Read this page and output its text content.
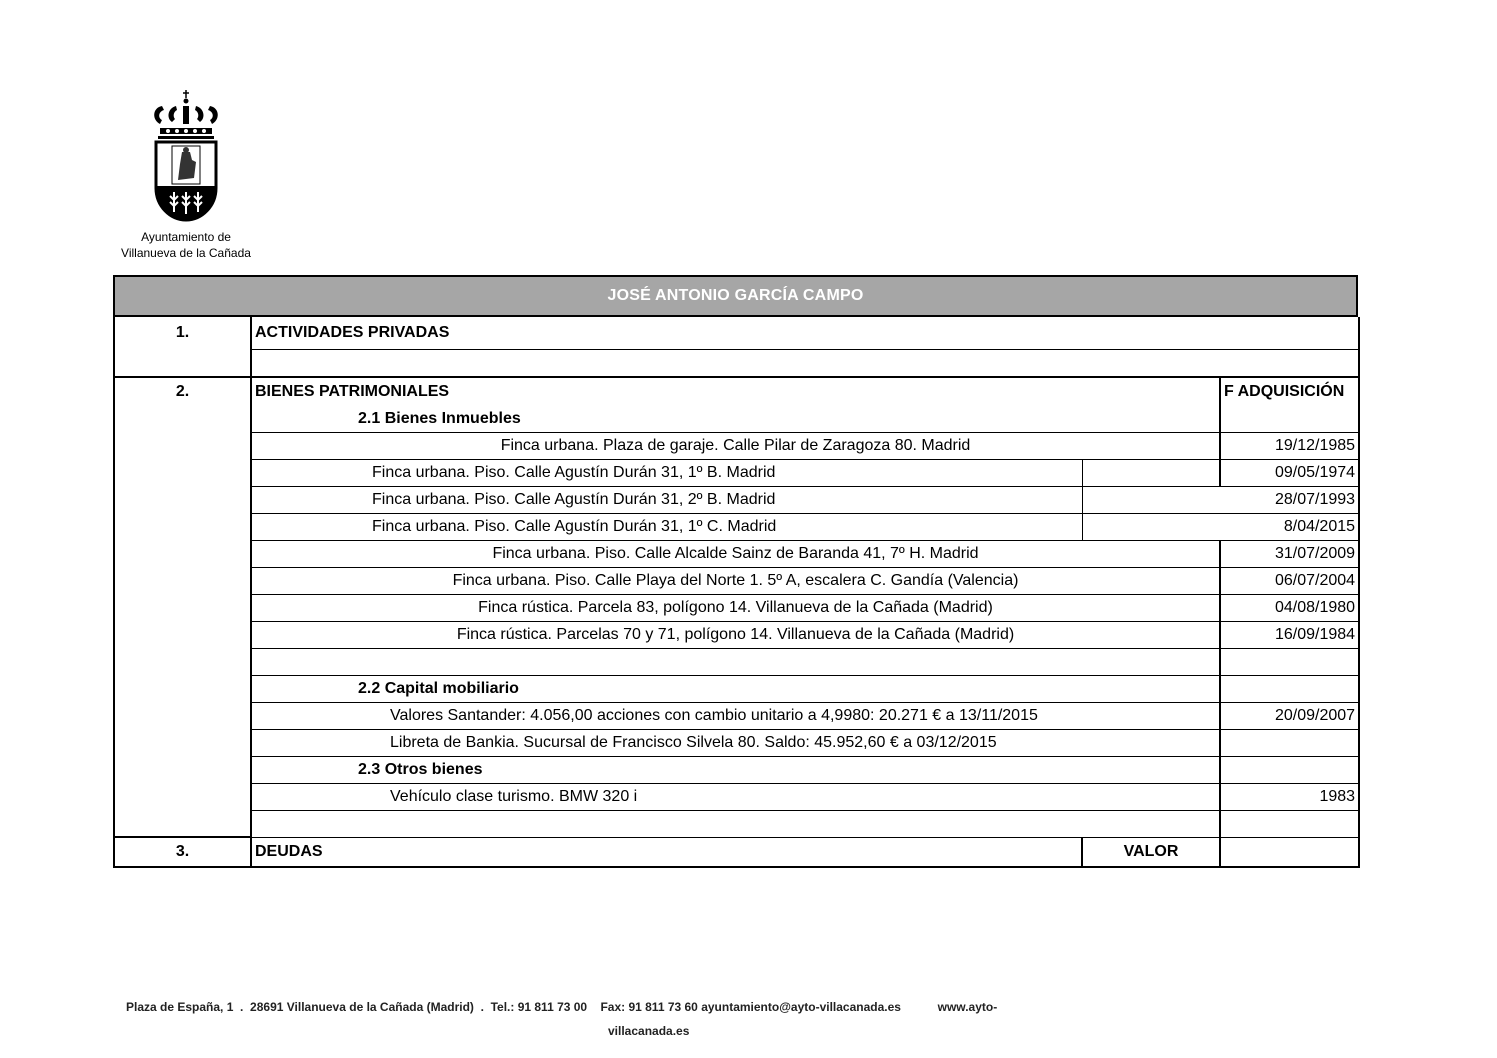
Ayuntamiento de
Villanueva de la Cañada
JOSÉ ANTONIO GARCÍA CAMPO
1.	ACTIVIDADES PRIVADAS		

2.	BIENES PATRIMONIALES		F ADQUISICIÓN
	2.1 Bienes Inmuebles		
	Finca urbana. Plaza de garaje. Calle Pilar de Zaragoza 80. Madrid		19/12/1985
	Finca urbana. Piso. Calle Agustín Durán 31, 1º B. Madrid		09/05/1974
	Finca urbana. Piso. Calle Agustín Durán 31, 2º B. Madrid		28/07/1993
	Finca urbana. Piso. Calle Agustín Durán 31, 1º C. Madrid		8/04/2015
	Finca urbana. Piso. Calle Alcalde Sainz de Baranda 41, 7º H. Madrid		31/07/2009
	Finca urbana. Piso. Calle Playa del Norte 1. 5º A, escalera C. Gandía (Valencia)		06/07/2004
	Finca rústica. Parcela 83, polígono 14. Villanueva de la Cañada (Madrid)		04/08/1980
	Finca rústica. Parcelas 70 y 71, polígono 14. Villanueva de la Cañada (Madrid)		16/09/1984

	2.2 Capital mobiliario		
	Valores Santander: 4.056,00 acciones con cambio unitario a 4,9980: 20.271 € a 13/11/2015		20/09/2007
	Libreta de Bankia. Sucursal de Francisco Silvela 80. Saldo: 45.952,60 € a 03/12/2015		
	2.3 Otros bienes		
	Vehículo clase turismo. BMW 320 i		1983

3.	DEUDAS	VALOR	
Plaza de España, 1  .  28691 Villanueva de la Cañada (Madrid)  .  Tel.: 91 811 73 00    Fax: 91 811 73 60 ayuntamiento@ayto-villacanada.es           www.ayto-
villacanada.es
